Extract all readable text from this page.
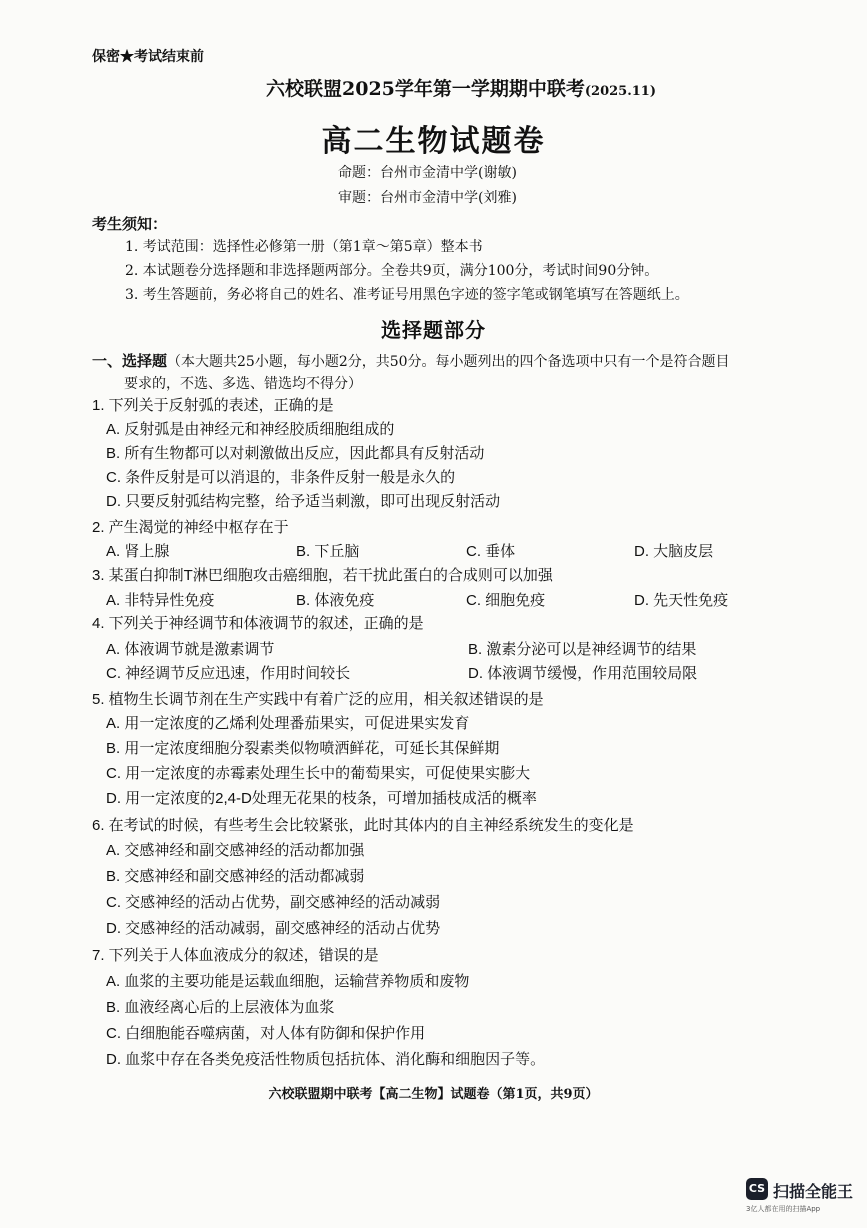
保密★考试结束前
六校联盟2025学年第一学期期中联考(2025.11)
高二生物试题卷
命题：台州市金清中学(谢敏)
审题：台州市金清中学(刘雅)
考生须知：
1. 考试范围：选择性必修第一册（第1章～第5章）整本书
2. 本试题卷分选择题和非选择题两部分。全卷共9页，满分100分，考试时间90分钟。
3. 考生答题前，务必将自己的姓名、准考证号用黑色字迹的签字笔或钢笔填写在答题纸上。
选择题部分
一、选择题（本大题共25小题，每小题2分，共50分。每小题列出的四个备选项中只有一个是符合题目
要求的，不选、多选、错选均不得分）
1. 下列关于反射弧的表述，正确的是
A. 反射弧是由神经元和神经胶质细胞组成的
B. 所有生物都可以对刺激做出反应，因此都具有反射活动
C. 条件反射是可以消退的，非条件反射一般是永久的
D. 只要反射弧结构完整，给予适当刺激，即可出现反射活动
2. 产生渴觉的神经中枢存在于
A. 肾上腺	B. 下丘脑	C. 垂体	D. 大脑皮层
3. 某蛋白抑制T淋巴细胞攻击癌细胞，若干扰此蛋白的合成则可以加强
A. 非特异性免疫	B. 体液免疫	C. 细胞免疫	D. 先天性免疫
4. 下列关于神经调节和体液调节的叙述，正确的是
A. 体液调节就是激素调节	B. 激素分泌可以是神经调节的结果
C. 神经调节反应迅速，作用时间较长	D. 体液调节缓慢，作用范围较局限
5. 植物生长调节剂在生产实践中有着广泛的应用，相关叙述错误的是
A. 用一定浓度的乙烯利处理番茄果实，可促进果实发育
B. 用一定浓度细胞分裂素类似物喷洒鲜花，可延长其保鲜期
C. 用一定浓度的赤霉素处理生长中的葡萄果实，可促使果实膨大
D. 用一定浓度的2,4-D处理无花果的枝条，可增加插枝成活的概率
6. 在考试的时候，有些考生会比较紧张，此时其体内的自主神经系统发生的变化是
A. 交感神经和副交感神经的活动都加强
B. 交感神经和副交感神经的活动都减弱
C. 交感神经的活动占优势，副交感神经的活动减弱
D. 交感神经的活动减弱，副交感神经的活动占优势
7. 下列关于人体血液成分的叙述，错误的是
A. 血浆的主要功能是运载血细胞，运输营养物质和废物
B. 血液经离心后的上层液体为血浆
C. 白细胞能吞噬病菌，对人体有防御和保护作用
D. 血浆中存在各类免疫活性物质包括抗体、消化酶和细胞因子等。
六校联盟期中联考【高二生物】试题卷（第1页，共9页）
CS 扫描全能王
3亿人都在用的扫描App
